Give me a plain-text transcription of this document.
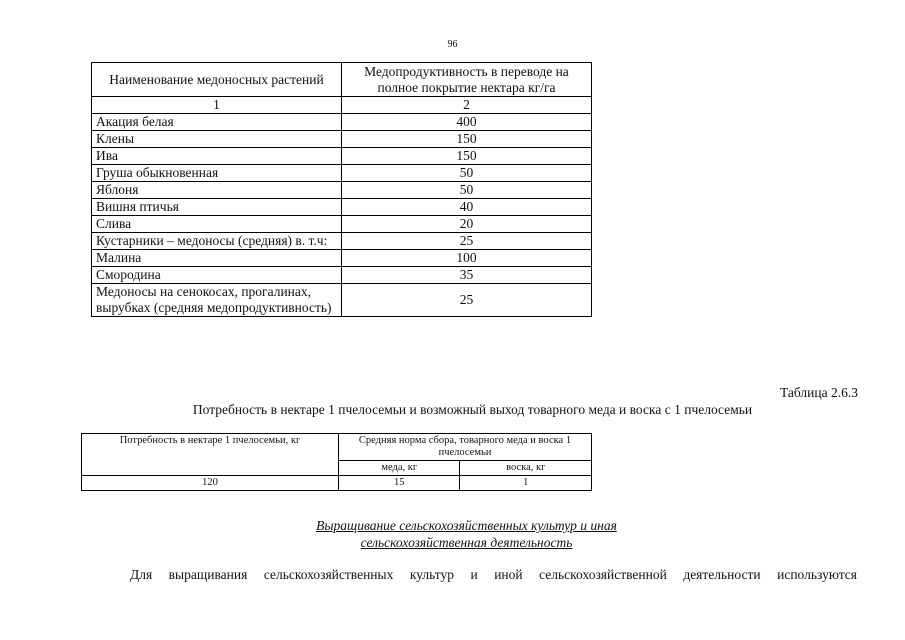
96
Наименование медоносных растений	Медопродуктивность в переводе на полное покрытие нектара кг/га
1	2
Акация белая	400
Клены	150
Ива	150
Груша обыкновенная	50
Яблоня	50
Вишня птичья	40
Слива	20
Кустарники – медоносы (средняя) в. т.ч:	25
Малина	100
Смородина	35
Медоносы на сенокосах, прогалинах, вырубках (средняя медопродуктивность)	25
Таблица 2.6.3
Потребность в нектаре 1 пчелосемьи и возможный выход товарного меда и воска с 1 пчелосемьи
Потребность в нектаре 1 пчелосемьи, кг	Средняя норма сбора, товарного меда и воска 1 пчелосемьи	
	меда, кг	воска, кг
120	15	1
Выращивание сельскохозяйственных культур и иная
сельскохозяйственная деятельность
Для выращивания сельскохозяйственных культур и иной сельскохозяйственной деятельности используются
